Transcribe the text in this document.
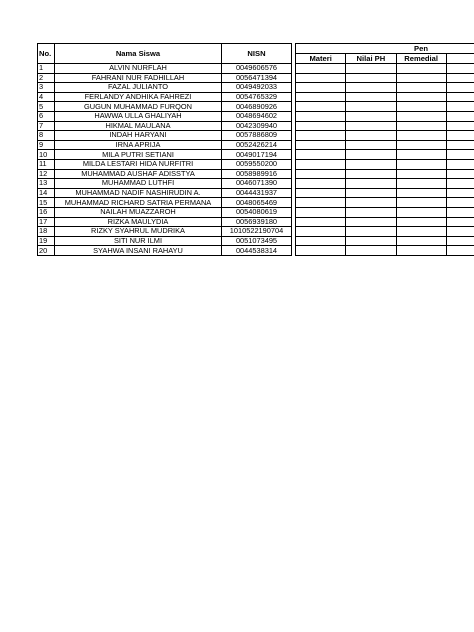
No.	Nama Siswa	NISN		Pen			
				Materi	Nilai PH	Remedial	
1	ALVIN NURFLAH	0049606576					
2	FAHRANI NUR FADHILLAH	0056471394					
3	FAZAL JULIANTO	0049492033					
4	FERLANDY ANDHIKA FAHREZI	0054765329					
5	GUGUN MUHAMMAD FURQON	0046890926					
6	HAWWA ULLA GHALIYAH	0048694602					
7	HIKMAL MAULANA	0042309940					
8	INDAH HARYANI	0057886809					
9	IRNA APRIJA	0052426214					
10	MILA PUTRI SETIANI	0049017194					
11	MILDA LESTARI HIDA NURFITRI	0059550200					
12	MUHAMMAD AUSHAF ADISSTYA	0058989916					
13	MUHAMMAD LUTHFI	0046071390					
14	MUHAMMAD NADIF NASHIRUDIN A.	0044431937					
15	MUHAMMAD RICHARD SATRIA PERMANA	0048065469					
16	NAILAH MUAZZAROH	0054080619					
17	RIZKA MAULYDIA	0056939180					
18	RIZKY SYAHRUL MUDRIKA	1010522190704					
19	SITI NUR ILMI	0051073495					
20	SYAHWA INSANI RAHAYU	0044538314					
